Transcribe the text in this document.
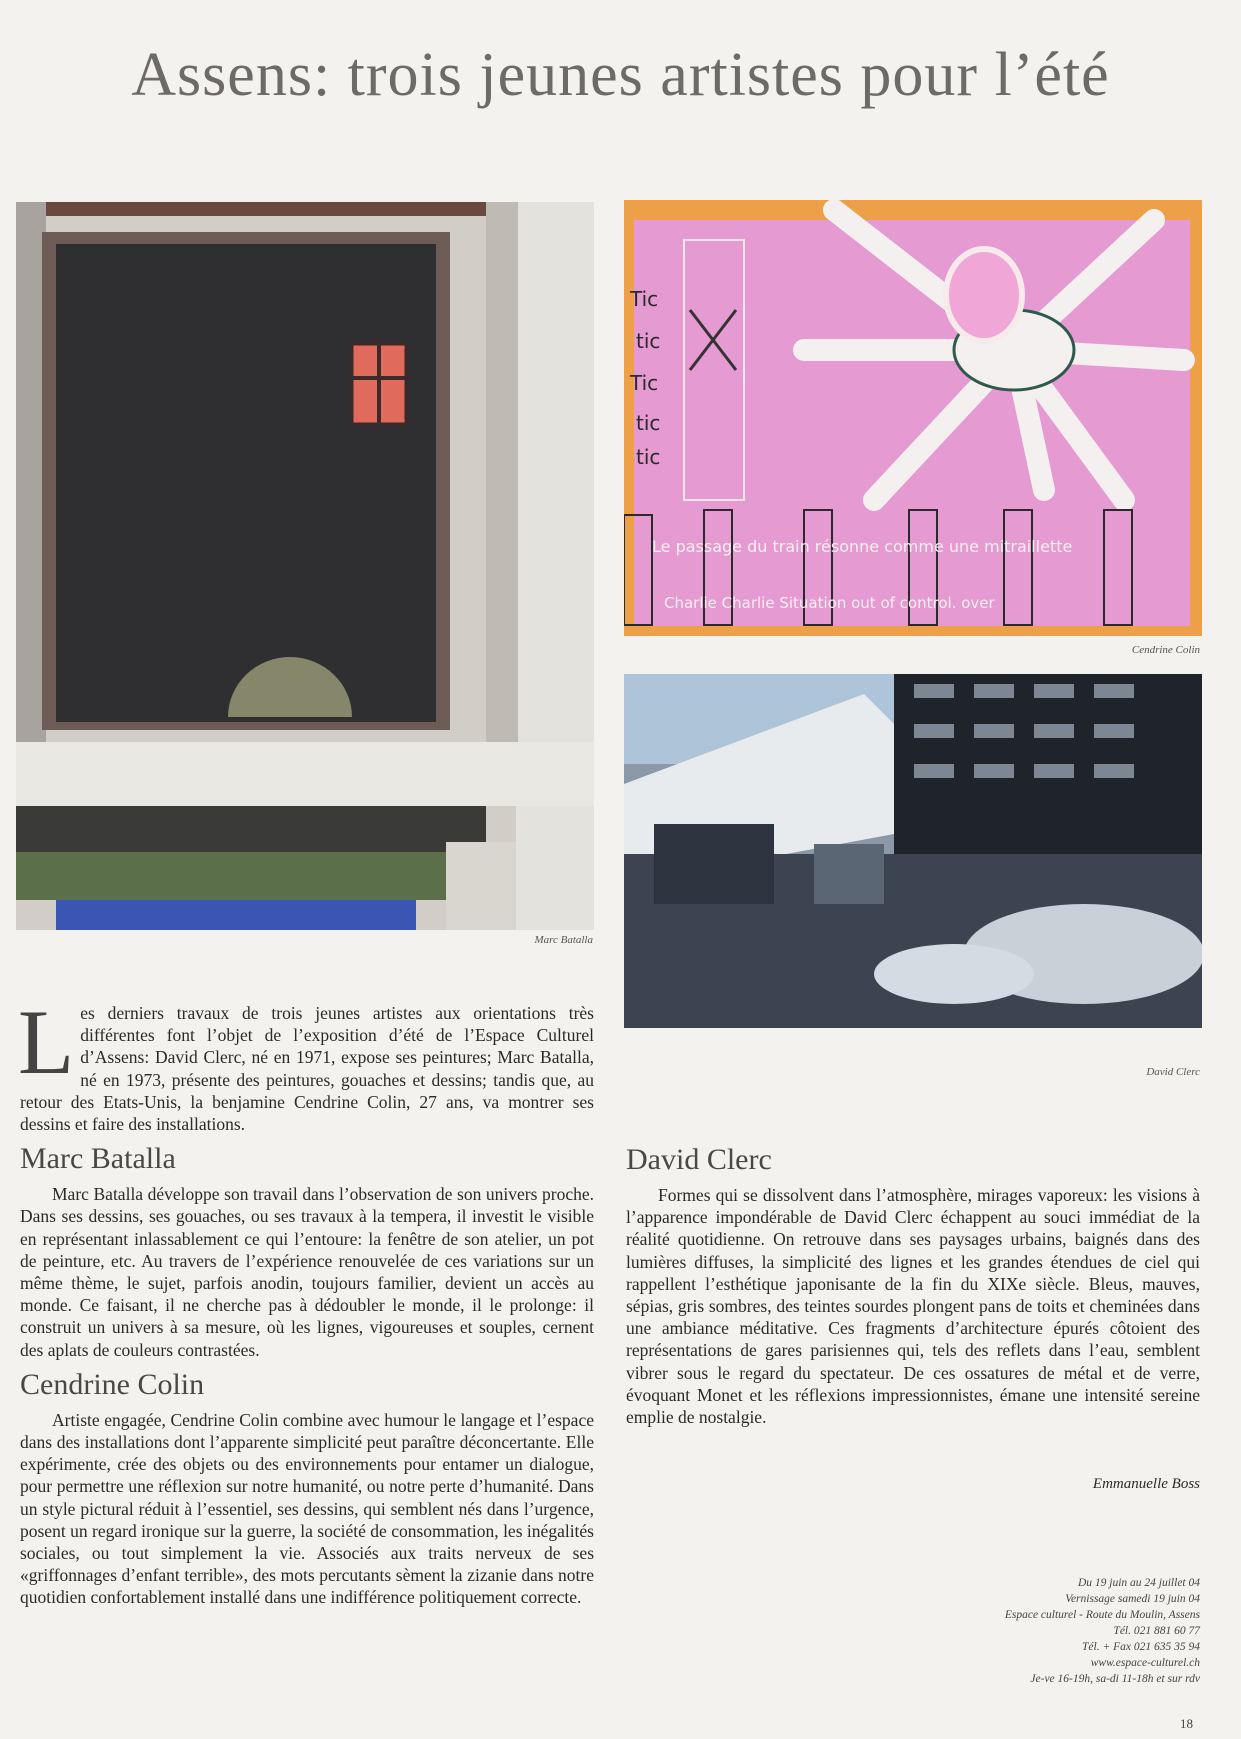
Assens: trois jeunes artistes pour l’été
Marc Batalla
Tic
tic
Tic
tic
tic
Le passage du train résonne comme une mitraillette
Charlie Charlie Situation out of control. over
Cendrine Colin
David Clerc

Les derniers travaux de trois jeunes artistes aux orientations très différentes font l’objet de l’exposition d’été de l’Espace Culturel d’Assens: David Clerc, né en 1971, expose ses peintures; Marc Batalla, né en 1973, présente des peintures, gouaches et dessins; tandis que, au retour des Etats-Unis, la benjamine Cendrine Colin, 27 ans, va montrer ses dessins et faire des installations.

Marc Batalla

Marc Batalla développe son travail dans l’observation de son univers proche. Dans ses dessins, ses gouaches, ou ses travaux à la tempera, il investit le visible en représentant inlassablement ce qui l’entoure: la fenêtre de son atelier, un pot de peinture, etc. Au travers de l’expérience renouvelée de ces variations sur un même thème, le sujet, parfois anodin, toujours familier, devient un accès au monde. Ce faisant, il ne cherche pas à dédoubler le monde, il le prolonge: il construit un univers à sa mesure, où les lignes, vigoureuses et souples, cernent des aplats de couleurs contrastées.

Cendrine Colin

Artiste engagée, Cendrine Colin combine avec humour le langage et l’espace dans des installations dont l’apparente simplicité peut paraître déconcertante. Elle expérimente, crée des objets ou des environnements pour entamer un dialogue, pour permettre une réflexion sur notre humanité, ou notre perte d’humanité. Dans un style pictural réduit à l’essentiel, ses dessins, qui semblent nés dans l’urgence, posent un regard ironique sur la guerre, la société de consommation, les inégalités sociales, ou tout simplement la vie. Associés aux traits nerveux de ses «griffonnages d’enfant terrible», des mots percutants sèment la zizanie dans notre quotidien confortablement installé dans une indifférence politiquement correcte.

David Clerc

Formes qui se dissolvent dans l’atmosphère, mirages vaporeux: les visions à l’apparence impondérable de David Clerc échappent au souci immédiat de la réalité quotidienne. On retrouve dans ses paysages urbains, baignés dans des lumières diffuses, la simplicité des lignes et les grandes étendues de ciel qui rappellent l’esthétique japonisante de la fin du XIXe siècle. Bleus, mauves, sépias, gris sombres, des teintes sourdes plongent pans de toits et cheminées dans une ambiance méditative. Ces fragments d’architecture épurés côtoient des représentations de gares parisiennes qui, tels des reflets dans l’eau, semblent vibrer sous le regard du spectateur. De ces ossatures de métal et de verre, évoquant Monet et les réflexions impressionnistes, émane une intensité sereine emplie de nostalgie.

Emmanuelle Boss
Du 19 juin au 24 juillet 04
Vernissage samedi 19 juin 04
Espace culturel - Route du Moulin, Assens
Tél. 021 881 60 77
Tél. + Fax 021 635 35 94
www.espace-culturel.ch
Je-ve 16-19h, sa-di 11-18h et sur rdv
18
